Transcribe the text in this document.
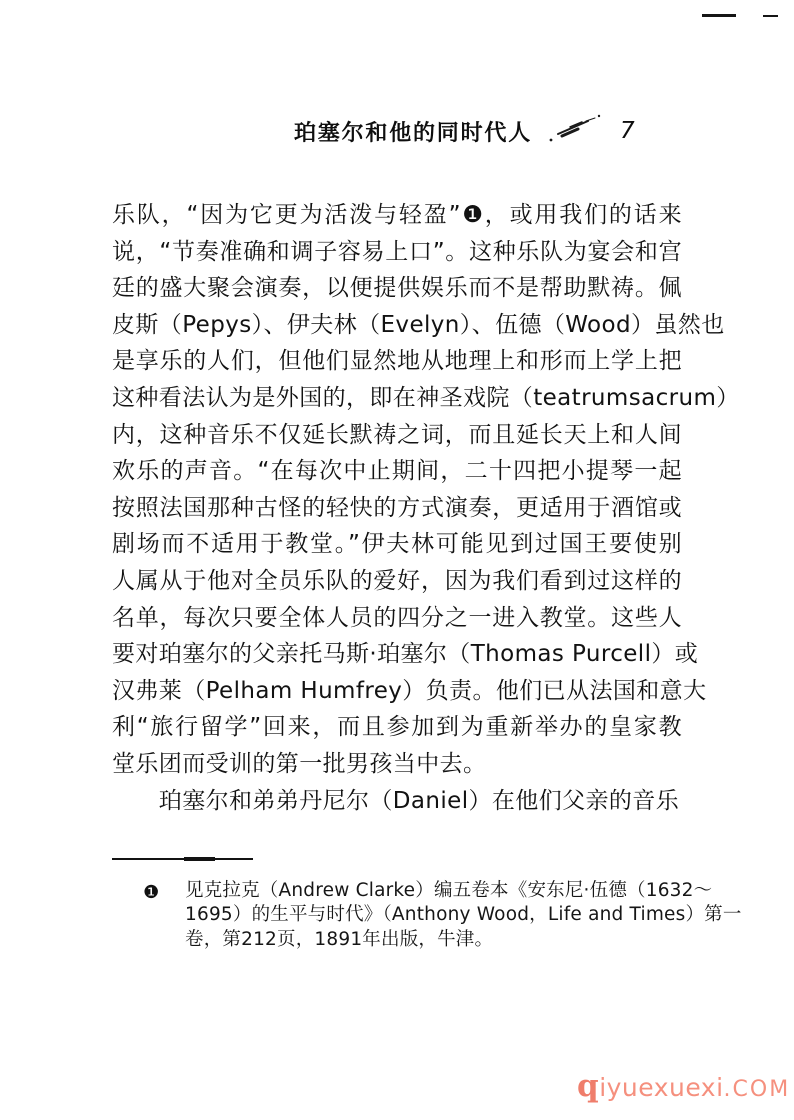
珀塞尔和他的同时代人	7
乐队，“因为它更为活泼与轻盈”❶，或用我们的话来
说，“节奏准确和调子容易上口”。这种乐队为宴会和宫
廷的盛大聚会演奏，以便提供娱乐而不是帮助默祷。佩
皮斯（Pepys）、伊夫林（Evelyn）、伍德（Wood）虽然也
是享乐的人们，但他们显然地从地理上和形而上学上把
这种看法认为是外国的，即在神圣戏院（teatrumsacrum）
内，这种音乐不仅延长默祷之词，而且延长天上和人间
欢乐的声音。“在每次中止期间，二十四把小提琴一起
按照法国那种古怪的轻快的方式演奏，更适用于酒馆或
剧场而不适用于教堂。”伊夫林可能见到过国王要使别
人属从于他对全员乐队的爱好，因为我们看到过这样的
名单，每次只要全体人员的四分之一进入教堂。这些人
要对珀塞尔的父亲托马斯·珀塞尔（Thomas Purcell）或
汉弗莱（Pelham Humfrey）负责。他们已从法国和意大
利“旅行留学”回来，而且参加到为重新举办的皇家教
堂乐团而受训的第一批男孩当中去。
　　珀塞尔和弟弟丹尼尔（Daniel）在他们父亲的音乐
❶ 见克拉克（Andrew Clarke）编五卷本《安东尼·伍德（1632～
1695）的生平与时代》（Anthony Wood，Life and Times）第一
卷，第212页，1891年出版，牛津。
qiyuexuexi.COM
